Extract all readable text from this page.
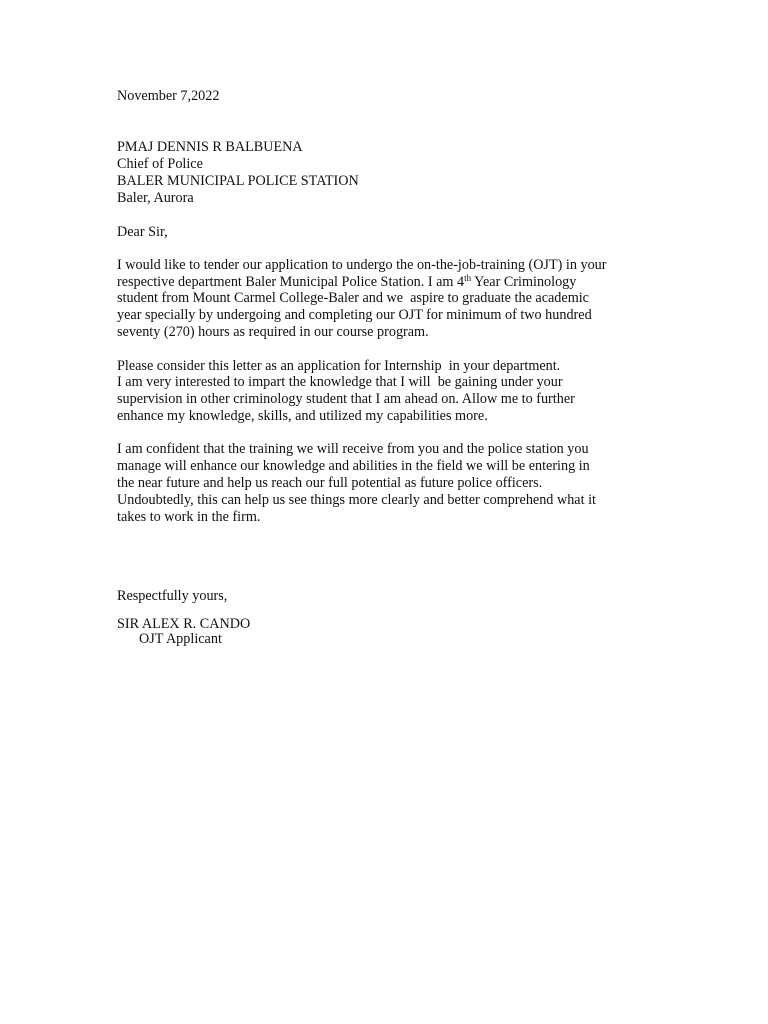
November 7,2022
PMAJ DENNIS R BALBUENA
Chief of Police
BALER MUNICIPAL POLICE STATION
Baler, Aurora
Dear Sir,
I would like to tender our application to undergo the on-the-job-training (OJT) in your
respective department Baler Municipal Police Station. I am 4th Year Criminology
student from Mount Carmel College-Baler and we  aspire to graduate the academic
year specially by undergoing and completing our OJT for minimum of two hundred
seventy (270) hours as required in our course program.
Please consider this letter as an application for Internship  in your department.
I am very interested to impart the knowledge that I will  be gaining under your
supervision in other criminology student that I am ahead on. Allow me to further
enhance my knowledge, skills, and utilized my capabilities more.
I am confident that the training we will receive from you and the police station you
manage will enhance our knowledge and abilities in the field we will be entering in
the near future and help us reach our full potential as future police officers.
Undoubtedly, this can help us see things more clearly and better comprehend what it
takes to work in the firm.
Respectfully yours,
SIR ALEX R. CANDO
OJT Applicant
